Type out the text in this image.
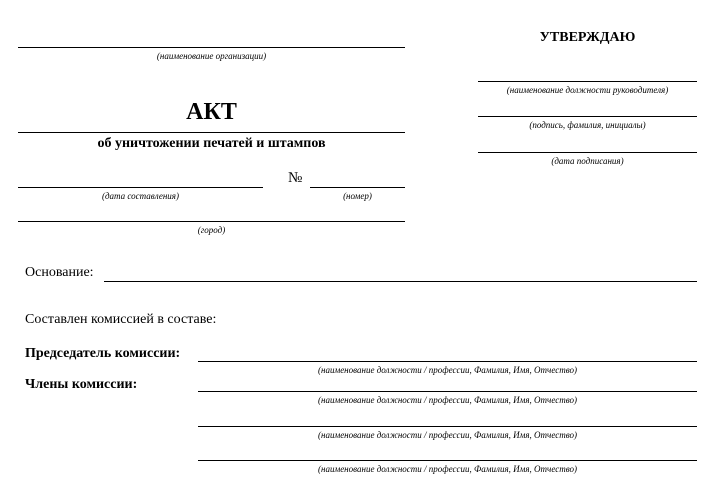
(наименование организации)
УТВЕРЖДАЮ
(наименование должности руководителя)
(подпись, фамилия, инициалы)
(дата подписания)
АКТ
об уничтожении печатей и штампов
(дата составления)
№
(номер)
(город)
Основание:
Составлен комиссией в составе:
Председатель комиссии:
(наименование должности / профессии, Фамилия, Имя, Отчество)
Члены комиссии:
(наименование должности / профессии, Фамилия, Имя, Отчество)
(наименование должности / профессии, Фамилия, Имя, Отчество)
(наименование должности / профессии, Фамилия, Имя, Отчество)
